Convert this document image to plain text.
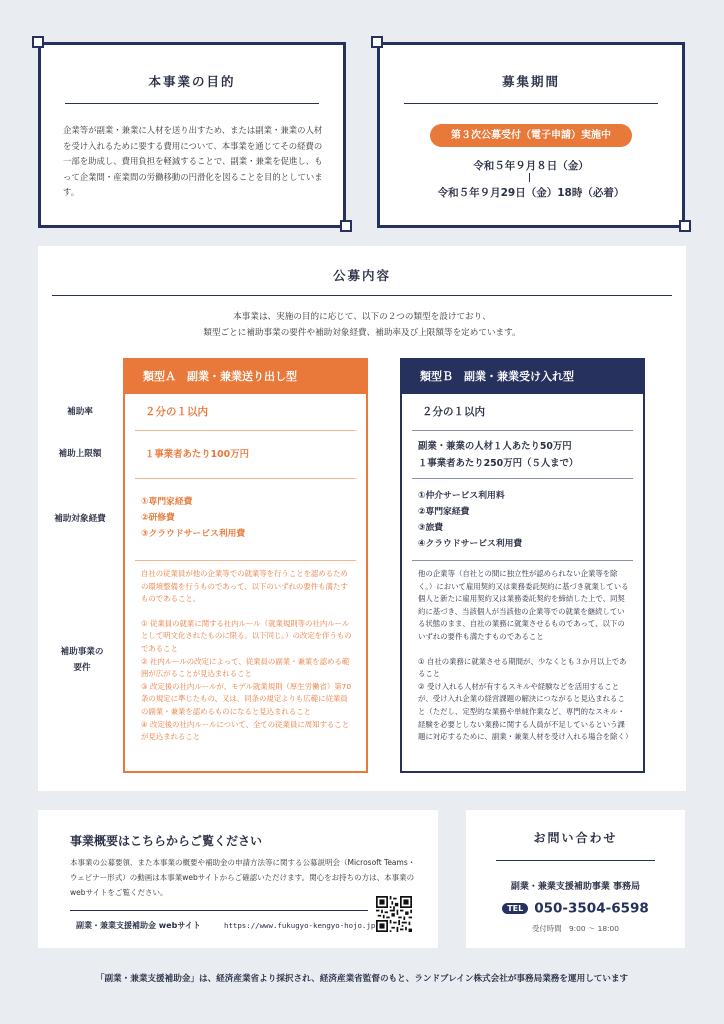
本事業の目的
企業等が副業・兼業に人材を送り出すため、または副業・兼業の人材を受け入れるために要する費用について、本事業を通じてその経費の一部を助成し、費用負担を軽減することで、副業・兼業を促進し、もって企業間・産業間の労働移動の円滑化を図ることを目的としています。
募集期間
第３次公募受付（電子申請）実施中
令和５年９月８日（金）
令和５年９月29日（金）18時（必着）
公募内容
本事業は、実施の目的に応じて、以下の２つの類型を設けており、
類型ごとに補助事業の要件や補助対象経費、補助率及び上限額等を定めています。
補助率
補助上限額
補助対象経費
補助事業の要件
類型Ａ　副業・兼業送り出し型
２分の１以内
１事業者あたり100万円
①専門家経費
②研修費
③クラウドサービス利用費
自社の従業員が他の企業等での就業等を行うことを認めるための環境整備を行うものであって、以下のいずれの要件も満たすものであること。
① 従業員の就業に関する社内ルール（就業規則等の社内ルールとして明文化されたものに限る。以下同じ。）の改定を伴うものであること
② 社内ルールの改定によって、従業員の副業・兼業を認める範囲が広がることが見込まれること
③ 改定後の社内ルールが、モデル就業規則（厚生労働省）第70条の規定に準じたもの、又は、同条の規定よりも広範に従業員の副業・兼業を認めるものになると見込まれること
④ 改定後の社内ルールについて、全ての従業員に周知することが見込まれること
類型Ｂ　副業・兼業受け入れ型
２分の１以内
副業・兼業の人材１人あたり50万円
１事業者あたり250万円（５人まで）
①仲介サービス利用料
②専門家経費
③旅費
④クラウドサービス利用費
他の企業等（自社との間に独立性が認められない企業等を除く。）において雇用契約又は業務委託契約に基づき就業している個人と新たに雇用契約又は業務委託契約を締結した上で、同契約に基づき、当該個人が当該他の企業等での就業を継続している状態のまま、自社の業務に就業させるものであって、以下のいずれの要件も満たすものであること
① 自社の業務に就業させる期間が、少なくとも３か月以上であること
② 受け入れる人材が有するスキルや経験などを活用することが、受け入れ企業の経営課題の解決につながると見込まれること（ただし、定型的な業務や単純作業など、専門的なスキル・経験を必要としない業務に関する人員が不足しているという課題に対応するために、副業・兼業人材を受け入れる場合を除く）
事業概要はこちらからご覧ください
本事業の公募要領、また本事業の概要や補助金の申請方法等に関する公募説明会（Microsoft Teams・ウェビナー形式）の動画は本事業webサイトからご確認いただけます。関心をお持ちの方は、本事業のwebサイトをご覧ください。
副業・兼業支援補助金 webサイト	https://www.fukugyo-kengyo-hojo.jp
お問い合わせ
副業・兼業支援補助事業 事務局
TEL 050-3504-6598
受付時間　9:00 〜 18:00
「副業・兼業支援補助金」は、経済産業省より採択され、経済産業省監督のもと、ランドブレイン株式会社が事務局業務を運用しています
